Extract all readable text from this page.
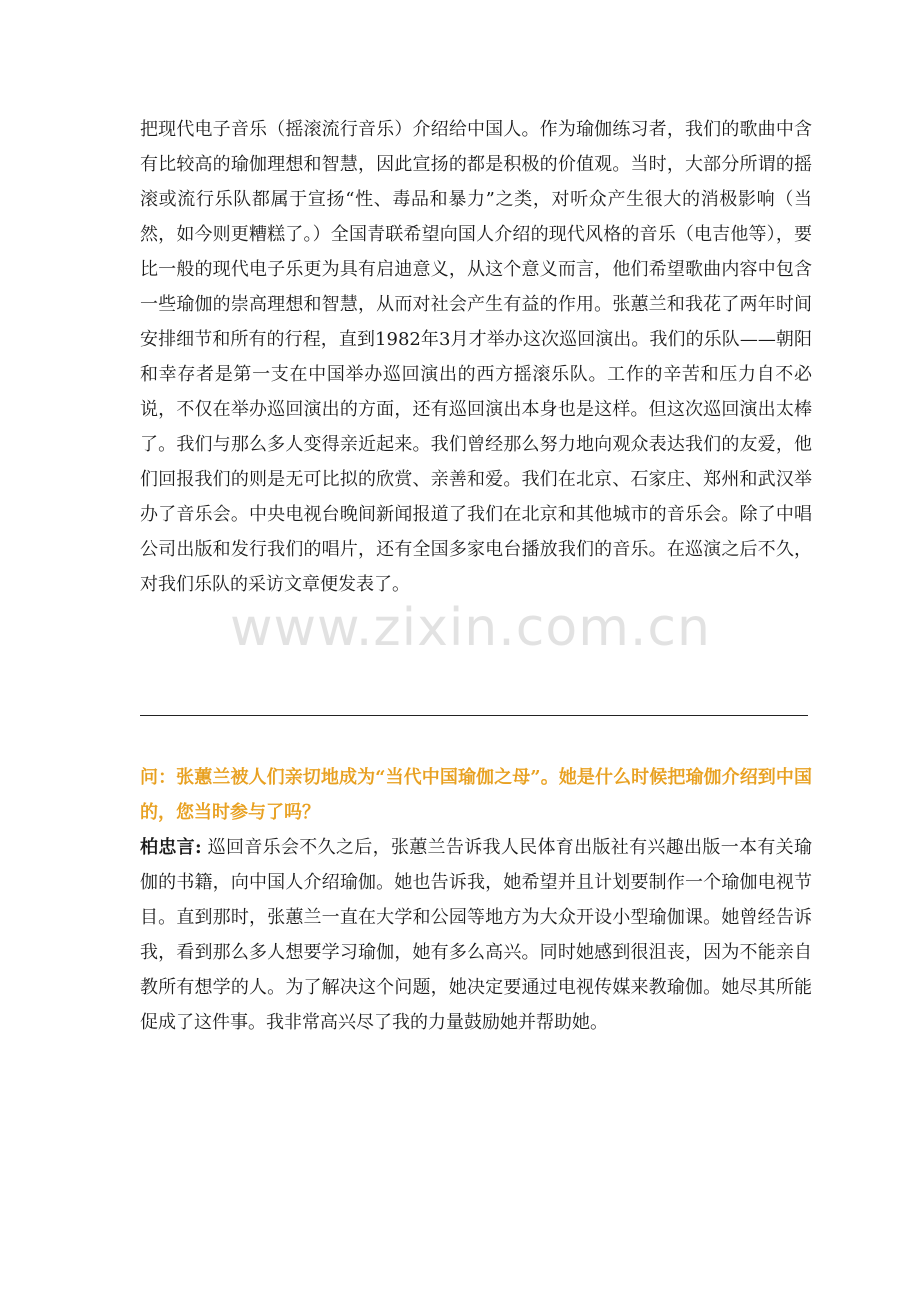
把现代电子音乐（摇滚流行音乐）介绍给中国人。作为瑜伽练习者，我们的歌曲中含有比较高的瑜伽理想和智慧，因此宣扬的都是积极的价值观。当时，大部分所谓的摇滚或流行乐队都属于宣扬“性、毒品和暴力”之类，对听众产生很大的消极影响（当然，如今则更糟糕了。）全国青联希望向国人介绍的现代风格的音乐（电吉他等），要比一般的现代电子乐更为具有启迪意义，从这个意义而言，他们希望歌曲内容中包含一些瑜伽的崇高理想和智慧，从而对社会产生有益的作用。张蕙兰和我花了两年时间安排细节和所有的行程，直到1982年3月才举办这次巡回演出。我们的乐队——朝阳和幸存者是第一支在中国举办巡回演出的西方摇滚乐队。工作的辛苦和压力自不必说，不仅在举办巡回演出的方面，还有巡回演出本身也是这样。但这次巡回演出太棒了。我们与那么多人变得亲近起来。我们曾经那么努力地向观众表达我们的友爱，他们回报我们的则是无可比拟的欣赏、亲善和爱。我们在北京、石家庄、郑州和武汉举办了音乐会。中央电视台晚间新闻报道了我们在北京和其他城市的音乐会。除了中唱公司出版和发行我们的唱片，还有全国多家电台播放我们的音乐。在巡演之后不久，对我们乐队的采访文章便发表了。

www.zixin.com.cn

问：张蕙兰被人们亲切地成为“当代中国瑜伽之母”。她是什么时候把瑜伽介绍到中国的，您当时参与了吗？

柏忠言: 巡回音乐会不久之后，张蕙兰告诉我人民体育出版社有兴趣出版一本有关瑜伽的书籍，向中国人介绍瑜伽。她也告诉我，她希望并且计划要制作一个瑜伽电视节目。直到那时，张蕙兰一直在大学和公园等地方为大众开设小型瑜伽课。她曾经告诉我，看到那么多人想要学习瑜伽，她有多么高兴。同时她感到很沮丧，因为不能亲自教所有想学的人。为了解决这个问题，她决定要通过电视传媒来教瑜伽。她尽其所能促成了这件事。我非常高兴尽了我的力量鼓励她并帮助她。
